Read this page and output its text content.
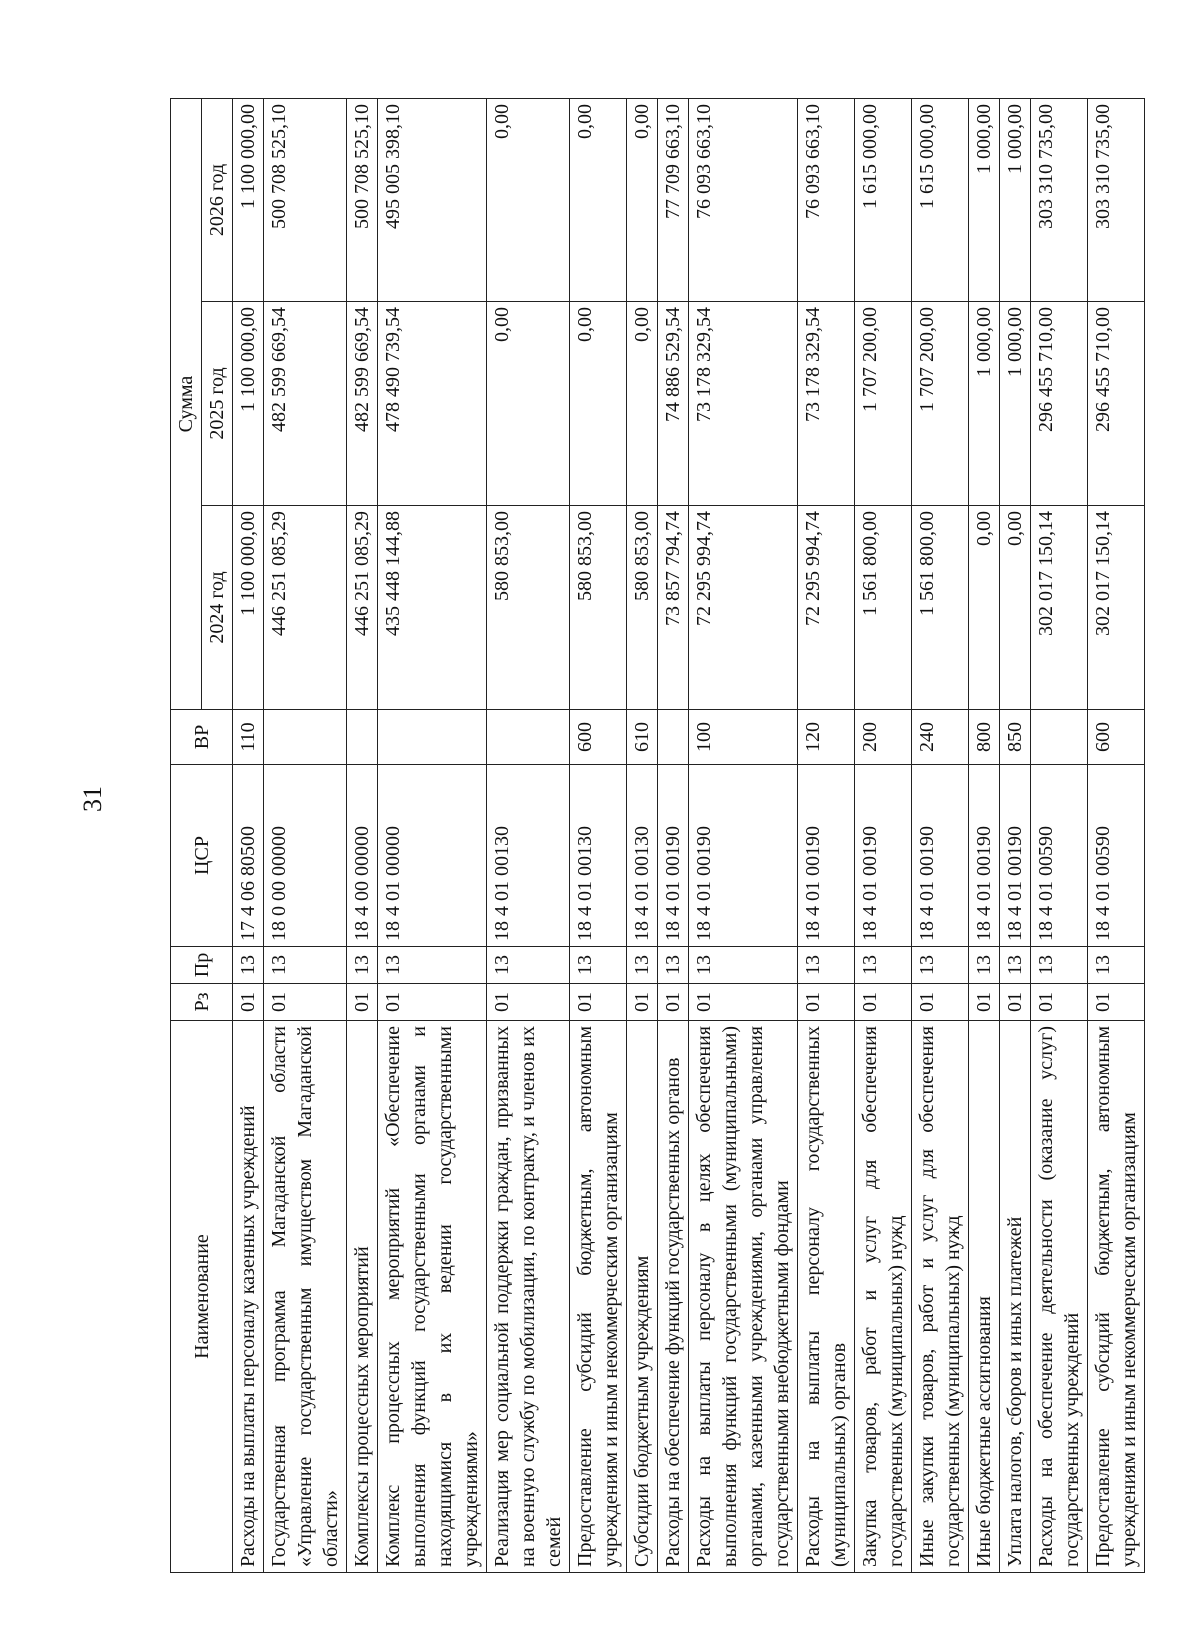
31
Наименование	Рз	Пр	ЦСР	ВР	Сумма		
					2024 год	2025 год	2026 год
Расходы на выплаты персоналу казенных учреждений	01	13	17 4 06 80500	110	1 100 000,00	1 100 000,00	1 100 000,00
Государственная программа Магаданской области «Управление государственным имуществом Магаданской области»	01	13	18 0 00 00000		446 251 085,29	482 599 669,54	500 708 525,10
Комплексы процессных мероприятий	01	13	18 4 00 00000		446 251 085,29	482 599 669,54	500 708 525,10
Комплекс процессных мероприятий «Обеспечение выполнения функций государственными органами и находящимися в их ведении государственными учреждениями»	01	13	18 4 01 00000		435 448 144,88	478 490 739,54	495 005 398,10
Реализация мер социальной поддержки граждан, призванных на военную службу по мобилизации, по контракту, и членов их семей	01	13	18 4 01 00130		580 853,00	0,00	0,00
Предоставление субсидий бюджетным, автономным учреждениям и иным некоммерческим организациям	01	13	18 4 01 00130	600	580 853,00	0,00	0,00
Субсидии бюджетным учреждениям	01	13	18 4 01 00130	610	580 853,00	0,00	0,00
Расходы на обеспечение функций государственных органов	01	13	18 4 01 00190		73 857 794,74	74 886 529,54	77 709 663,10
Расходы на выплаты персоналу в целях обеспечения выполнения функций государственными (муниципальными) органами, казенными учреждениями, органами управления государственными внебюджетными фондами	01	13	18 4 01 00190	100	72 295 994,74	73 178 329,54	76 093 663,10
Расходы на выплаты персоналу государственных (муниципальных) органов	01	13	18 4 01 00190	120	72 295 994,74	73 178 329,54	76 093 663,10
Закупка товаров, работ и услуг для обеспечения государственных (муниципальных) нужд	01	13	18 4 01 00190	200	1 561 800,00	1 707 200,00	1 615 000,00
Иные закупки товаров, работ и услуг для обеспечения государственных (муниципальных) нужд	01	13	18 4 01 00190	240	1 561 800,00	1 707 200,00	1 615 000,00
Иные бюджетные ассигнования	01	13	18 4 01 00190	800	0,00	1 000,00	1 000,00
Уплата налогов, сборов и иных платежей	01	13	18 4 01 00190	850	0,00	1 000,00	1 000,00
Расходы на обеспечение деятельности (оказание услуг) государственных учреждений	01	13	18 4 01 00590		302 017 150,14	296 455 710,00	303 310 735,00
Предоставление субсидий бюджетным, автономным учреждениям и иным некоммерческим организациям	01	13	18 4 01 00590	600	302 017 150,14	296 455 710,00	303 310 735,00
